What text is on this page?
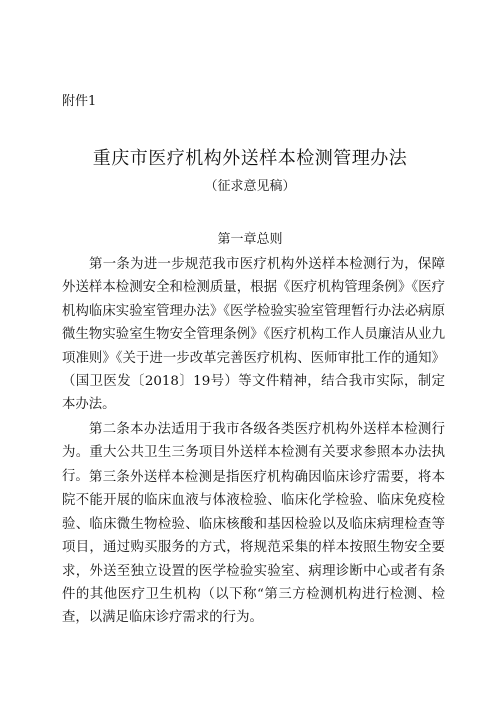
附件1
重庆市医疗机构外送样本检测管理办法
（征求意见稿）
第一章总则

第一条为进一步规范我市医疗机构外送样本检测行为，保障外送样本检测安全和检测质量，根据《医疗机构管理条例》《医疗机构临床实验室管理办法》《医学检验实验室管理暂行办法必病原微生物实验室生物安全管理条例》《医疗机构工作人员廉洁从业九项准则》《关于进一步改革完善医疗机构、医师审批工作的通知》（国卫医发〔2018〕19号）等文件精神，结合我市实际，制定本办法。

第二条本办法适用于我市各级各类医疗机构外送样本检测行为。重大公共卫生三务项目外送样本检测有关要求参照本办法执行。 第三条外送样本检测是指医疗机构确因临床诊疗需要，将本院不能开展的临床血液与体液检验、临床化学检验、临床免疫检验、临床微生物检验、临床核酸和基因检验以及临床病理检查等项目，通过购买服务的方式，将规范采集的样本按照生物安全要求，外送至独立设置的医学检验实验室、病理诊断中心或者有条件的其他医疗卫生机构（以下称“第三方检测机构进行检测、检查，以满足临床诊疗需求的行为。
